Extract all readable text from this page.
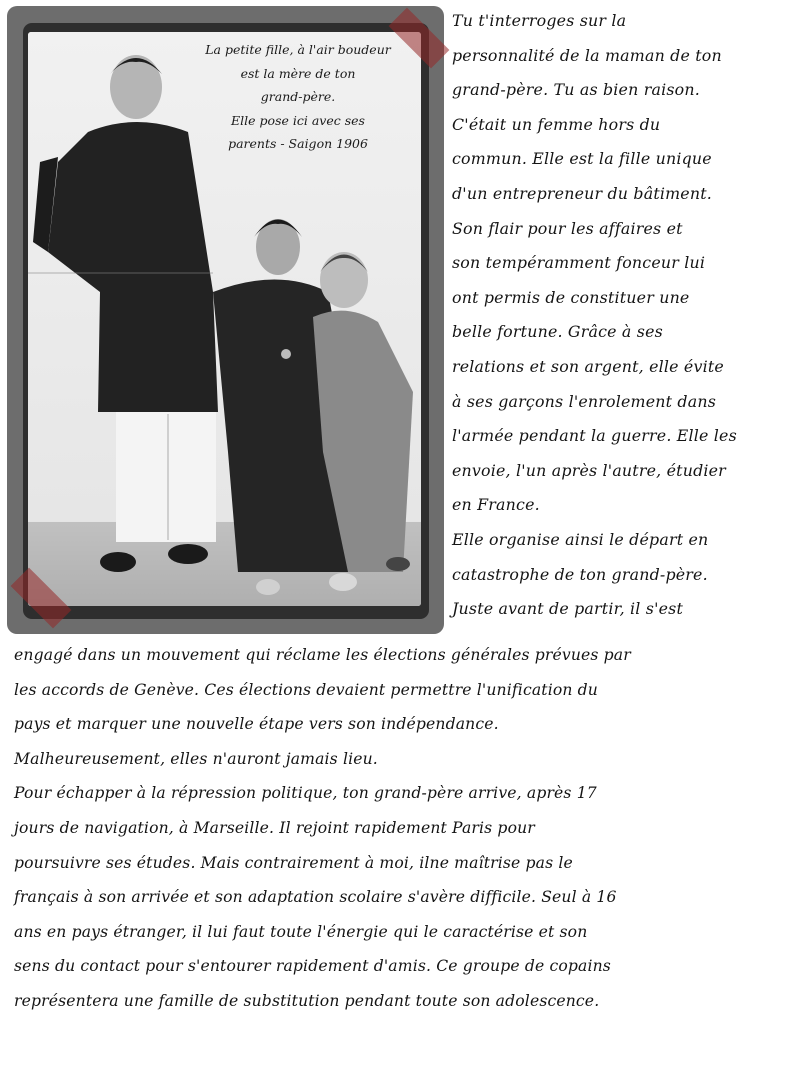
La petite fille, à l'air boudeur
est la mère de ton
grand-père.
Elle pose ici avec ses
parents - Saigon 1906
Tu t'interroges sur la
personnalité de la maman de ton
grand-père. Tu as bien raison.
C'était un femme hors du
commun. Elle est la fille unique
d'un entrepreneur du bâtiment.
Son flair pour les affaires et
son tempéramment fonceur lui
ont permis de constituer une
belle fortune. Grâce à ses
relations et son argent, elle évite
à ses garçons l'enrolement dans
l'armée pendant la guerre. Elle les
envoie, l'un après l'autre, étudier
en France.
Elle organise ainsi le départ en
catastrophe de ton grand-père.
Juste avant de partir, il s'est
engagé dans un mouvement qui réclame les élections générales prévues par
les accords de Genève. Ces élections devaient permettre l'unification du
pays et marquer une nouvelle étape vers son indépendance.
Malheureusement, elles n'auront jamais lieu.
Pour échapper à la répression politique, ton grand-père arrive, après 17
jours de navigation, à Marseille. Il rejoint rapidement Paris pour
poursuivre ses études. Mais contrairement à moi, ilne maîtrise pas le
français à son arrivée et son adaptation scolaire s'avère difficile. Seul à 16
ans en pays étranger, il lui faut toute l'énergie qui le caractérise et son
sens du contact pour s'entourer rapidement d'amis. Ce groupe de copains
représentera une famille de substitution pendant toute son adolescence.
